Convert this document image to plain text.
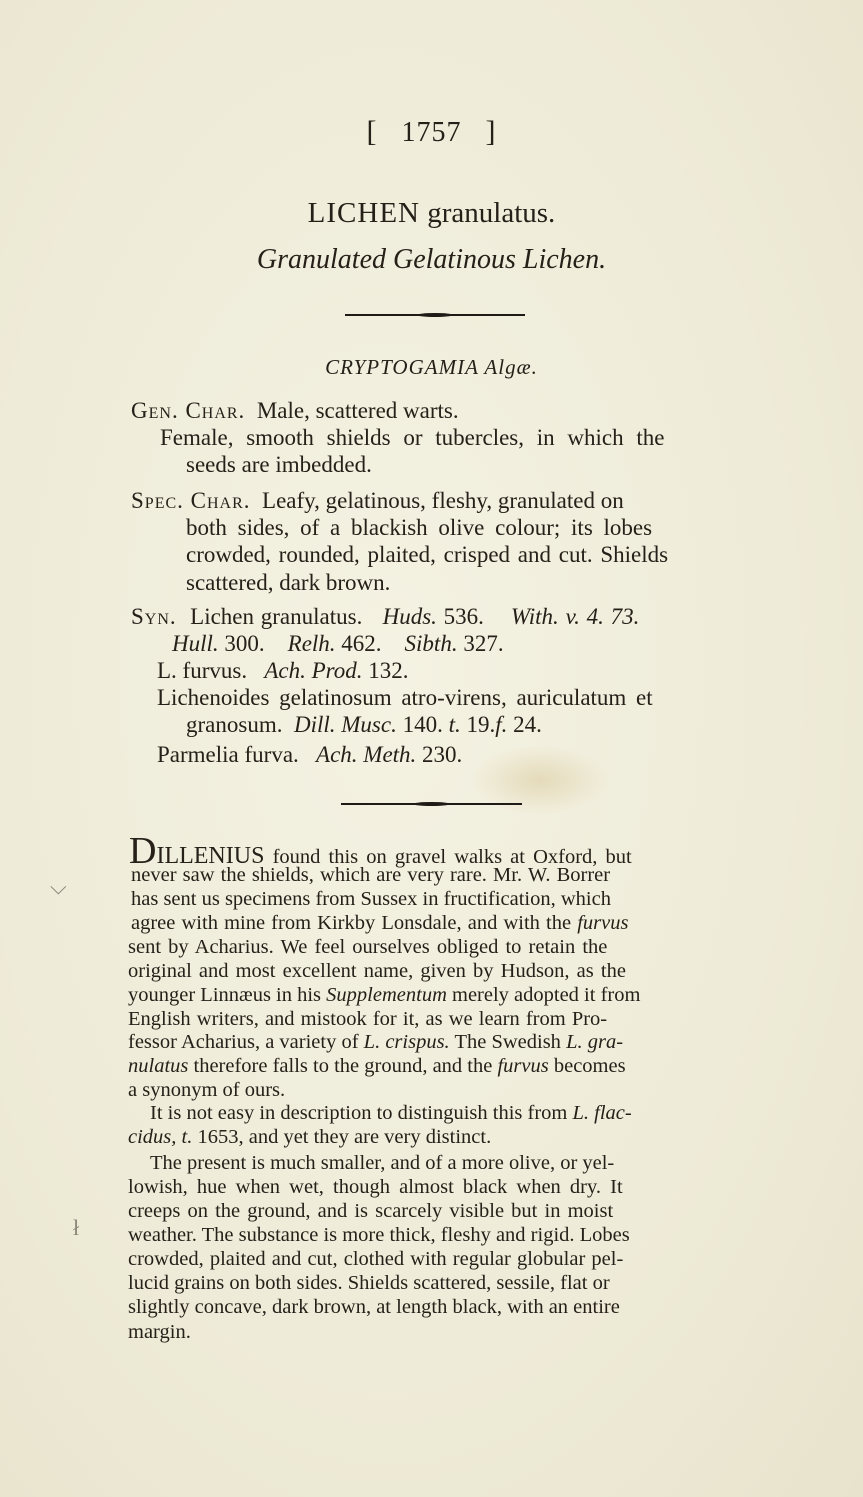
[ 1757 ]
LICHEN granulatus.
Granulated Gelatinous Lichen.
CRYPTOGAMIA Algæ.
Gen. Char. Male, scattered warts.
Female, smooth shields or tubercles, in which the
seeds are imbedded.
Spec. Char. Leafy, gelatinous, fleshy, granulated on
both sides, of a blackish olive colour; its lobes
crowded, rounded, plaited, crisped and cut. Shields
scattered, dark brown.
Syn. Lichen granulatus. Huds. 536. With. v. 4. 73.
Hull. 300. Relh. 462. Sibth. 327.
L. furvus. Ach. Prod. 132.
Lichenoides gelatinosum atro-virens, auriculatum et
granosum. Dill. Musc. 140. t. 19.f. 24.
Parmelia furva. Ach. Meth. 230.
DILLENIUS found this on gravel walks at Oxford, but
never saw the shields, which are very rare. Mr. W. Borrer
has sent us specimens from Sussex in fructification, which
agree with mine from Kirkby Lonsdale, and with the furvus
sent by Acharius. We feel ourselves obliged to retain the
original and most excellent name, given by Hudson, as the
younger Linnæus in his Supplementum merely adopted it from
English writers, and mistook for it, as we learn from Pro-
fessor Acharius, a variety of L. crispus. The Swedish L. gra-
nulatus therefore falls to the ground, and the furvus becomes
a synonym of ours.
It is not easy in description to distinguish this from L. flac-
cidus, t. 1653, and yet they are very distinct.
The present is much smaller, and of a more olive, or yel-
lowish, hue when wet, though almost black when dry. It
creeps on the ground, and is scarcely visible but in moist
weather. The substance is more thick, fleshy and rigid. Lobes
crowded, plaited and cut, clothed with regular globular pel-
lucid grains on both sides. Shields scattered, sessile, flat or
slightly concave, dark brown, at length black, with an entire
margin.
⌵
ł
